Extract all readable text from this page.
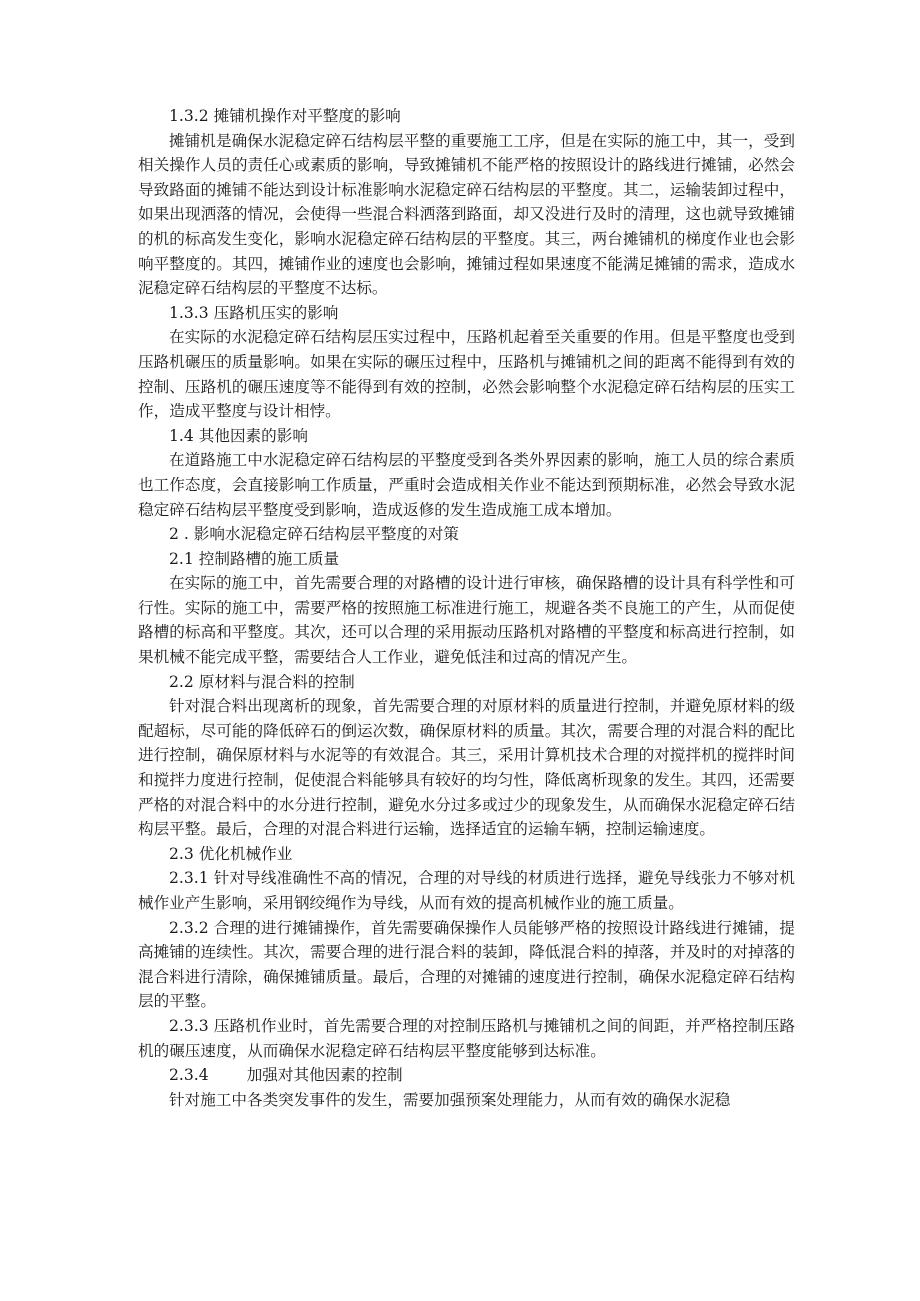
1.3.2 摊铺机操作对平整度的影响

摊铺机是确保水泥稳定碎石结构层平整的重要施工工序，但是在实际的施工中，其一，受到相关操作人员的责任心或素质的影响，导致摊铺机不能严格的按照设计的路线进行摊铺，必然会导致路面的摊铺不能达到设计标准影响水泥稳定碎石结构层的平整度。其二，运输装卸过程中，如果出现洒落的情况，会使得一些混合料洒落到路面，却又没进行及时的清理，这也就导致摊铺的机的标高发生变化，影响水泥稳定碎石结构层的平整度。其三，两台摊铺机的梯度作业也会影响平整度的。其四，摊铺作业的速度也会影响，摊铺过程如果速度不能满足摊铺的需求，造成水泥稳定碎石结构层的平整度不达标。

1.3.3 压路机压实的影响

在实际的水泥稳定碎石结构层压实过程中，压路机起着至关重要的作用。但是平整度也受到压路机碾压的质量影响。如果在实际的碾压过程中，压路机与摊铺机之间的距离不能得到有效的控制、压路机的碾压速度等不能得到有效的控制，必然会影响整个水泥稳定碎石结构层的压实工作，造成平整度与设计相悖。

1.4 其他因素的影响

在道路施工中水泥稳定碎石结构层的平整度受到各类外界因素的影响，施工人员的综合素质也工作态度，会直接影响工作质量，严重时会造成相关作业不能达到预期标准，必然会导致水泥稳定碎石结构层平整度受到影响，造成返修的发生造成施工成本增加。

2 . 影响水泥稳定碎石结构层平整度的对策

2.1 控制路槽的施工质量

在实际的施工中，首先需要合理的对路槽的设计进行审核，确保路槽的设计具有科学性和可行性。实际的施工中，需要严格的按照施工标准进行施工，规避各类不良施工的产生，从而促使路槽的标高和平整度。其次，还可以合理的采用振动压路机对路槽的平整度和标高进行控制，如果机械不能完成平整，需要结合人工作业，避免低洼和过高的情况产生。

2.2 原材料与混合料的控制

针对混合料出现离析的现象，首先需要合理的对原材料的质量进行控制，并避免原材料的级配超标，尽可能的降低碎石的倒运次数，确保原材料的质量。其次，需要合理的对混合料的配比进行控制，确保原材料与水泥等的有效混合。其三，采用计算机技术合理的对搅拌机的搅拌时间和搅拌力度进行控制，促使混合料能够具有较好的均匀性，降低离析现象的发生。其四，还需要严格的对混合料中的水分进行控制，避免水分过多或过少的现象发生，从而确保水泥稳定碎石结构层平整。最后，合理的对混合料进行运输，选择适宜的运输车辆，控制运输速度。

2.3 优化机械作业

2.3.1 针对导线准确性不高的情况，合理的对导线的材质进行选择，避免导线张力不够对机械作业产生影响，采用钢绞绳作为导线，从而有效的提高机械作业的施工质量。

2.3.2 合理的进行摊铺操作，首先需要确保操作人员能够严格的按照设计路线进行摊铺，提高摊铺的连续性。其次，需要合理的进行混合料的装卸，降低混合料的掉落，并及时的对掉落的混合料进行清除，确保摊铺质量。最后，合理的对摊铺的速度进行控制，确保水泥稳定碎石结构层的平整。

2.3.3 压路机作业时，首先需要合理的对控制压路机与摊铺机之间的间距，并严格控制压路机的碾压速度，从而确保水泥稳定碎石结构层平整度能够到达标准。

2.3.4 加强对其他因素的控制

针对施工中各类突发事件的发生，需要加强预案处理能力，从而有效的确保水泥稳
